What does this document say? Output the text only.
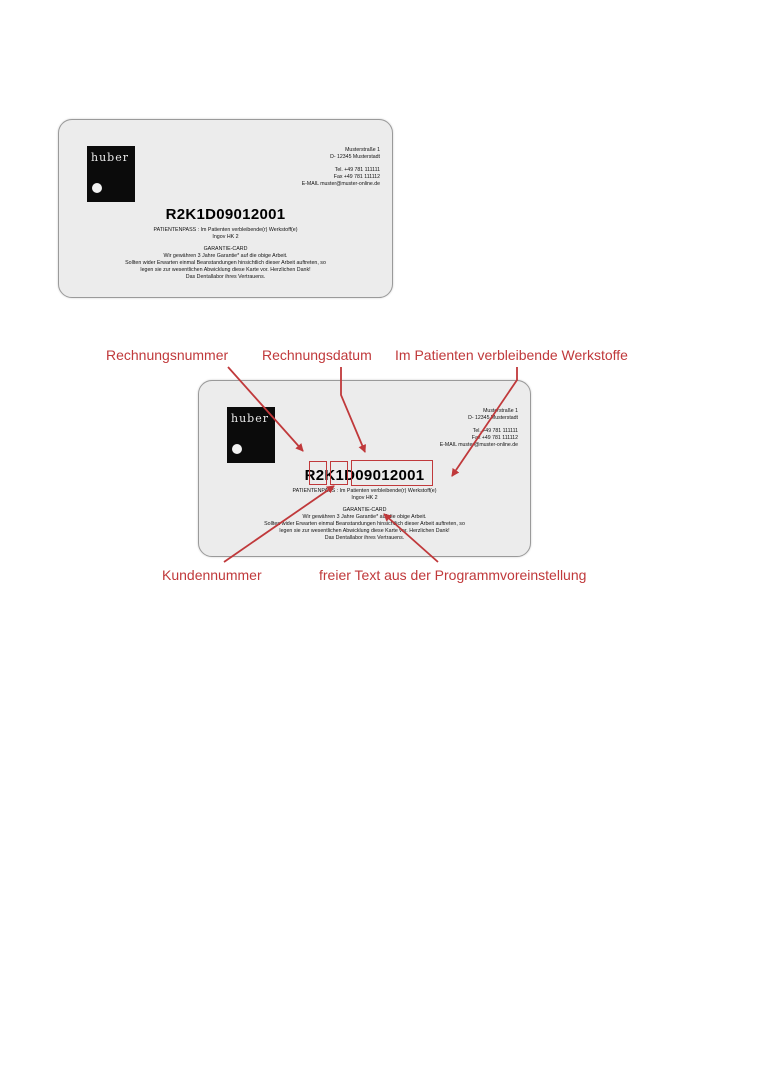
huber
Musterstraße 1
D- 12345 Musterstadt
Tel. +49 781 111111
Fax +49 781 111112
E-MAIL muster@muster-online.de
R2K1D09012001
PATIENTENPASS : Im Patienten verbleibende(r) Werkstoff(e)
Ingov HK 2
GARANTIE-CARD
Wir gewähren 3 Jahre Garantie* auf die obige Arbeit.
Sollten wider Erwarten einmal Beanstandungen hinsichtlich dieser Arbeit auftreten, so
legen sie zur wesentlichen Abwicklung diese Karte vor. Herzlichen Dank!
Das Dentallabor ihres Vertrauens.
huber
Musterstraße 1
D- 12345 Musterstadt
Tel. +49 781 111111
Fax +49 781 111112
E-MAIL muster@muster-online.de
R2K1D09012001
PATIENTENPASS : Im Patienten verbleibende(r) Werkstoff(e)
Ingov HK 2
GARANTIE-CARD
Wir gewähren 3 Jahre Garantie* auf die obige Arbeit.
Sollten wider Erwarten einmal Beanstandungen hinsichtlich dieser Arbeit auftreten, so
legen sie zur wesentlichen Abwicklung diese Karte vor. Herzlichen Dank!
Das Dentallabor ihres Vertrauens.
Rechnungsnummer Rechnungsdatum Im Patienten verbleibende Werkstoffe
Kundennummer	freier Text aus der Programmvoreinstellung
